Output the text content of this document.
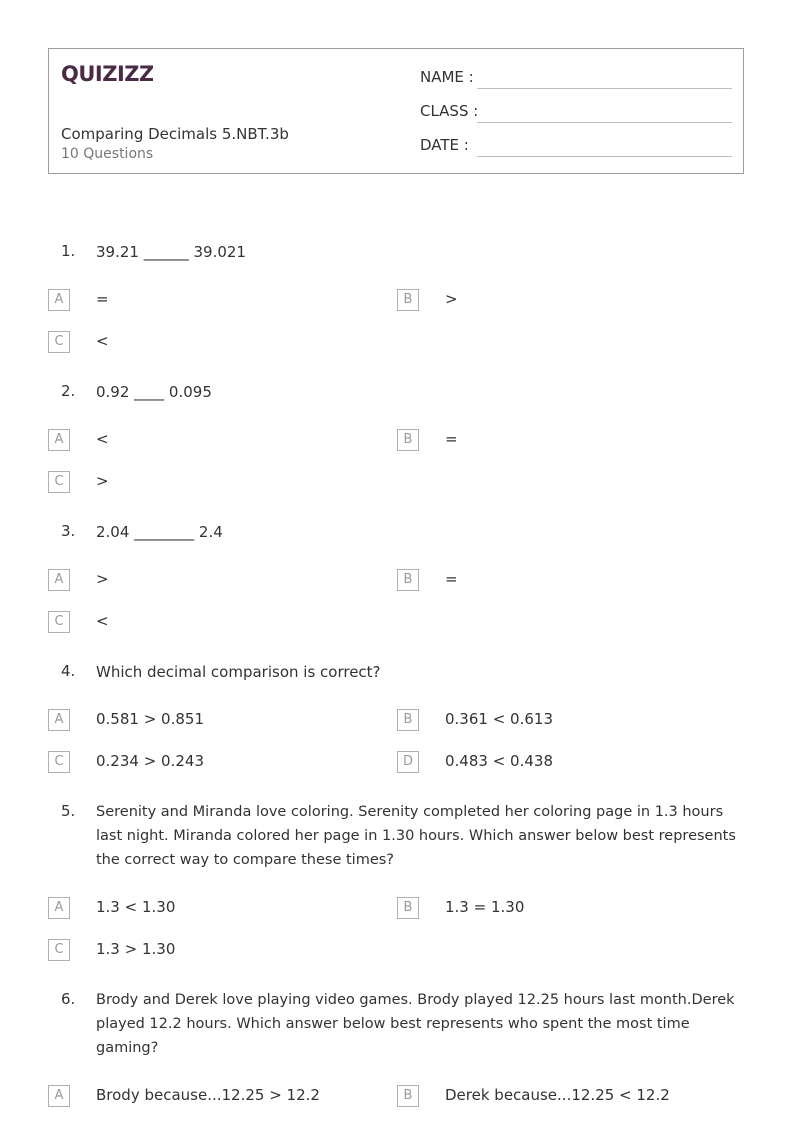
QUIZIZZ
Comparing Decimals 5.NBT.3b
10 Questions
NAME :
CLASS :
DATE :
1. 39.21 ______ 39.021
A	=	B	>
C	<
2. 0.92 ____ 0.095
A	<	B	=
C	>
3. 2.04 ________ 2.4
A	>	B	=
C	<
4. Which decimal comparison is correct?
A	0.581 > 0.851	B	0.361 < 0.613
C	0.234 > 0.243	D	0.483 < 0.438
5. Serenity and Miranda love coloring. Serenity completed her coloring page in 1.3 hours last night. Miranda colored her page in 1.30 hours. Which answer below best represents the correct way to compare these times?
A	1.3 < 1.30	B	1.3 = 1.30
C	1.3 > 1.30
6. Brody and Derek love playing video games. Brody played 12.25 hours last month.Derek played 12.2 hours. Which answer below best represents who spent the most time gaming?
A	Brody because...12.25 > 12.2	B	Derek because...12.25 < 12.2
